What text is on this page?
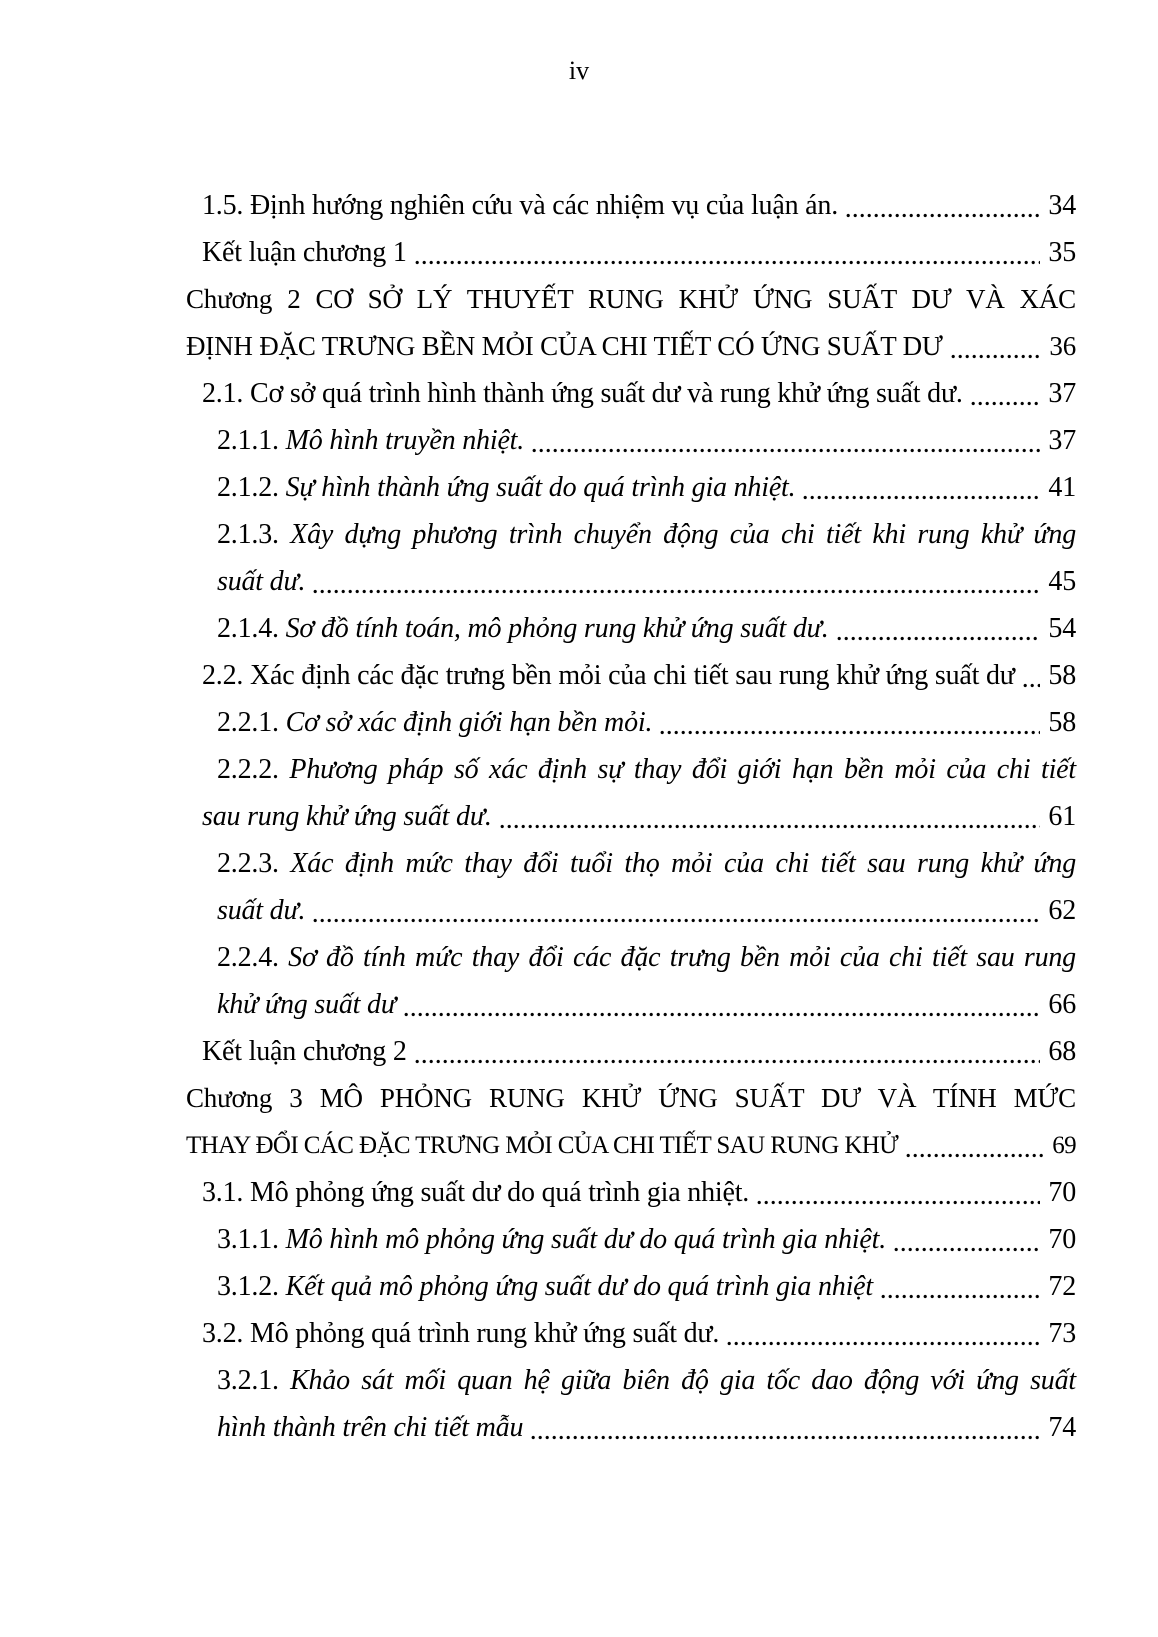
iv
1.5. Định hướng nghiên cứu và các nhiệm vụ của luận án.	34
Kết luận chương 1	35
Chương 2 CƠ SỞ LÝ THUYẾT RUNG KHỬ ỨNG SUẤT DƯ VÀ XÁC
ĐỊNH ĐẶC TRƯNG BỀN MỎI CỦA CHI TIẾT CÓ ỨNG SUẤT DƯ	36
2.1. Cơ sở quá trình hình thành ứng suất dư và rung khử ứng suất dư.	37
2.1.1. Mô hình truyền nhiệt.	37
2.1.2. Sự hình thành ứng suất do quá trình gia nhiệt.	41
2.1.3. Xây dựng phương trình chuyển động của chi tiết khi rung khử ứng
suất dư.	45
2.1.4. Sơ đồ tính toán, mô phỏng rung khử ứng suất dư.	54
2.2. Xác định các đặc trưng bền mỏi của chi tiết sau rung khử ứng suất dư 58
2.2.1. Cơ sở xác định giới hạn bền mỏi.	58
2.2.2. Phương pháp số xác định sự thay đổi giới hạn bền mỏi của chi tiết
sau rung khử ứng suất dư.	61
2.2.3. Xác định mức thay đổi tuổi thọ mỏi của chi tiết sau rung khử ứng
suất dư.	62
2.2.4. Sơ đồ tính mức thay đổi các đặc trưng bền mỏi của chi tiết sau rung
khử ứng suất dư	66
Kết luận chương 2	68
Chương 3 MÔ PHỎNG RUNG KHỬ ỨNG SUẤT DƯ VÀ TÍNH MỨC
THAY ĐỔI CÁC ĐẶC TRƯNG MỎI CỦA CHI TIẾT SAU RUNG KHỬ	69
3.1. Mô phỏng ứng suất dư do quá trình gia nhiệt.	70
3.1.1. Mô hình mô phỏng ứng suất dư do quá trình gia nhiệt.	70
3.1.2. Kết quả mô phỏng ứng suất dư do quá trình gia nhiệt	72
3.2. Mô phỏng quá trình rung khử ứng suất dư.	73
3.2.1. Khảo sát mối quan hệ giữa biên độ gia tốc dao động với ứng suất
hình thành trên chi tiết mẫu	74
